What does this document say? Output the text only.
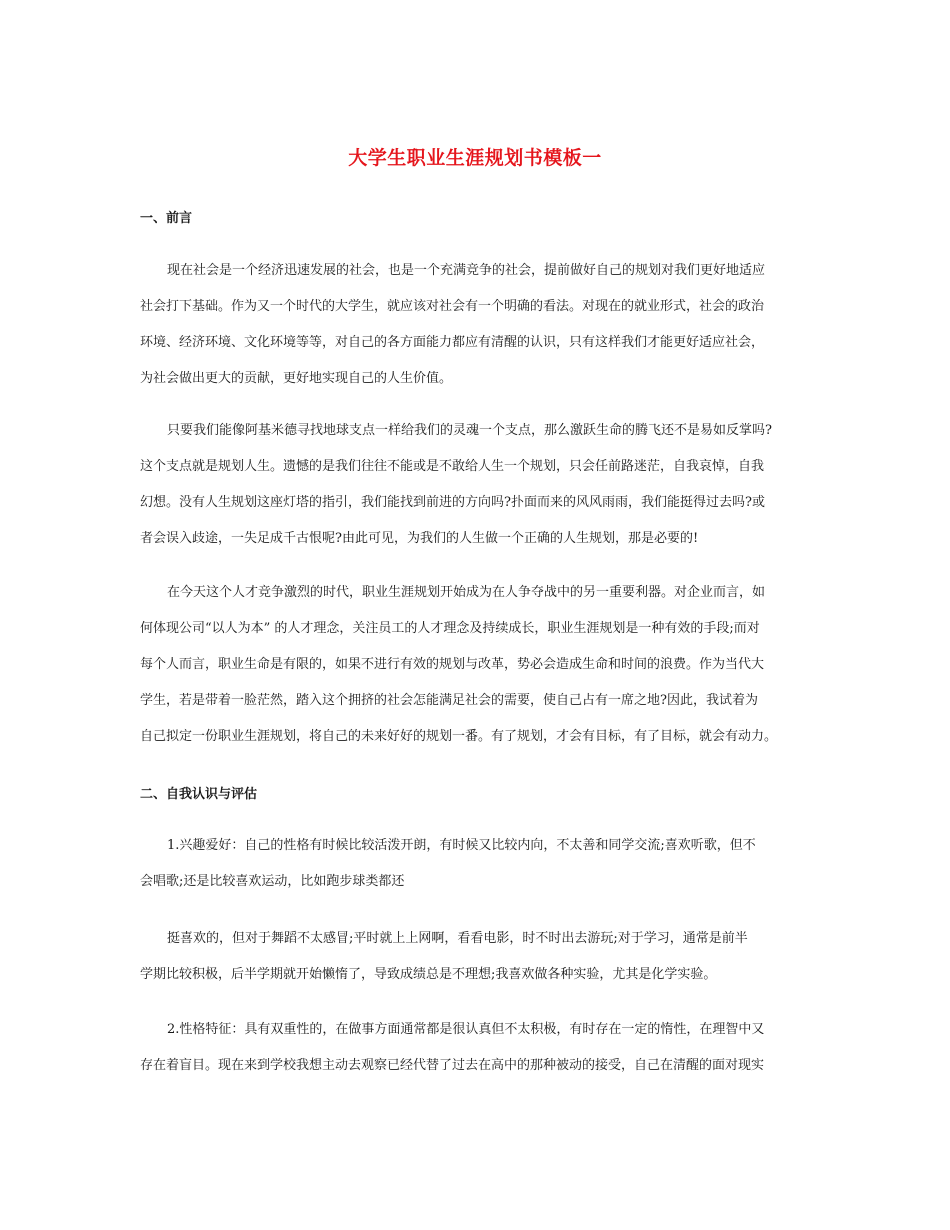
大学生职业生涯规划书模板一
一、前言
现在社会是一个经济迅速发展的社会，也是一个充满竞争的社会，提前做好自己的规划对我们更好地适应
社会打下基础。作为又一个时代的大学生，就应该对社会有一个明确的看法。对现在的就业形式，社会的政治
环境、经济环境、文化环境等等，对自己的各方面能力都应有清醒的认识，只有这样我们才能更好适应社会，
为社会做出更大的贡献，更好地实现自己的人生价值。
只要我们能像阿基米德寻找地球支点一样给我们的灵魂一个支点，那么激跃生命的腾飞还不是易如反掌吗?
这个支点就是规划人生。遗憾的是我们往往不能或是不敢给人生一个规划，只会任前路迷茫，自我哀悼，自我
幻想。没有人生规划这座灯塔的指引，我们能找到前进的方向吗?扑面而来的风风雨雨，我们能挺得过去吗?或
者会误入歧途，一失足成千古恨呢?由此可见，为我们的人生做一个正确的人生规划，那是必要的!
在今天这个人才竞争激烈的时代，职业生涯规划开始成为在人争夺战中的另一重要利器。对企业而言，如
何体现公司“以人为本” 的人才理念，关注员工的人才理念及持续成长，职业生涯规划是一种有效的手段;而对
每个人而言，职业生命是有限的，如果不进行有效的规划与改革，势必会造成生命和时间的浪费。作为当代大
学生，若是带着一脸茫然，踏入这个拥挤的社会怎能满足社会的需要，使自己占有一席之地?因此，我试着为
自己拟定一份职业生涯规划，将自己的未来好好的规划一番。有了规划，才会有目标，有了目标，就会有动力。
二、自我认识与评估
1.兴趣爱好：自己的性格有时候比较活泼开朗，有时候又比较内向，不太善和同学交流;喜欢听歌，但不
会唱歌;还是比较喜欢运动，比如跑步球类都还
挺喜欢的，但对于舞蹈不太感冒;平时就上上网啊，看看电影，时不时出去游玩;对于学习，通常是前半
学期比较积极，后半学期就开始懒惰了，导致成绩总是不理想;我喜欢做各种实验，尤其是化学实验。
2.性格特征：具有双重性的，在做事方面通常都是很认真但不太积极，有时存在一定的惰性，在理智中又
存在着盲目。现在来到学校我想主动去观察已经代替了过去在高中的那种被动的接受，自己在清醒的面对现实
